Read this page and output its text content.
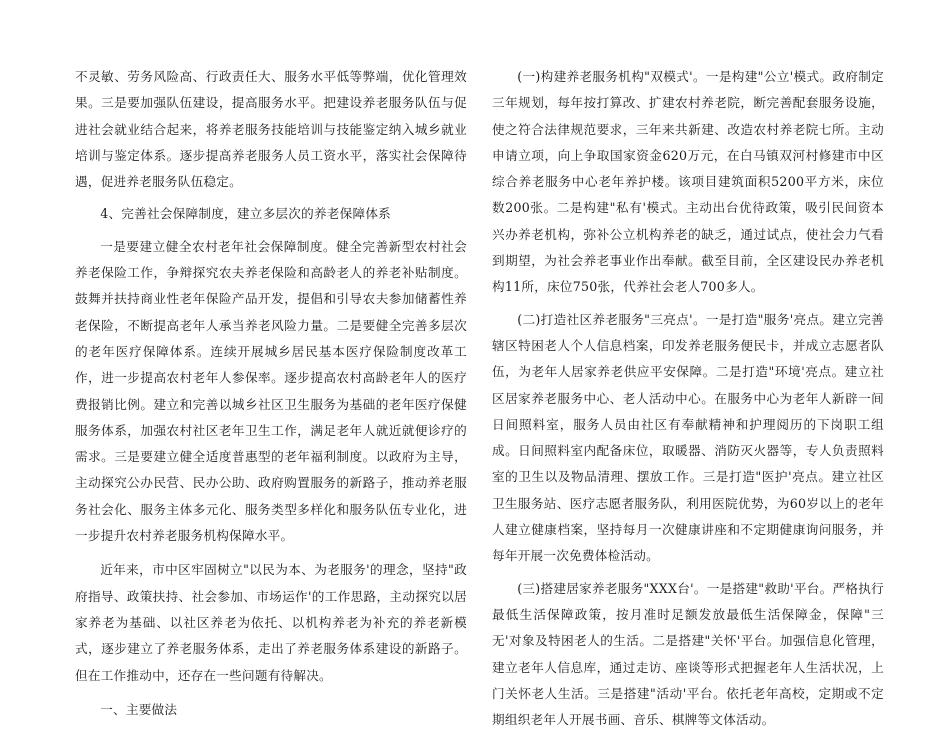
不灵敏、劳务风险高、行政责任大、服务水平低等弊端，优化管理效果。三是要加强队伍建设，提高服务水平。把建设养老服务队伍与促进社会就业结合起来，将养老服务技能培训与技能鉴定纳入城乡就业培训与鉴定体系。逐步提高养老服务人员工资水平，落实社会保障待遇，促进养老服务队伍稳定。

4、完善社会保障制度，建立多层次的养老保障体系

一是要建立健全农村老年社会保障制度。健全完善新型农村社会养老保险工作，争辩探究农夫养老保险和高龄老人的养老补贴制度。鼓舞并扶持商业性老年保险产品开发，提倡和引导农夫参加储蓄性养老保险，不断提高老年人承当养老风险力量。二是要健全完善多层次的老年医疗保障体系。连续开展城乡居民基本医疗保险制度改革工作，进一步提高农村老年人参保率。逐步提高农村高龄老年人的医疗费报销比例。建立和完善以城乡社区卫生服务为基础的老年医疗保健服务体系，加强农村社区老年卫生工作，满足老年人就近就便诊疗的需求。三是要建立健全适度普惠型的老年福利制度。以政府为主导，主动探究公办民营、民办公助、政府购置服务的新路子，推动养老服务社会化、服务主体多元化、服务类型多样化和服务队伍专业化，进一步提升农村养老服务机构保障水平。

近年来，市中区牢固树立"以民为本、为老服务'的理念，坚持"政府指导、政策扶持、社会参加、市场运作'的工作思路，主动探究以居家养老为基础、以社区养老为依托、以机构养老为补充的养老新模式，逐步建立了养老服务体系，走出了养老服务体系建设的新路子。但在工作推动中，还存在一些问题有待解决。

一、主要做法

(一)构建养老服务机构"双模式'。一是构建"公立'模式。政府制定三年规划，每年按打算改、扩建农村养老院，断完善配套服务设施，使之符合法律规范要求，三年来共新建、改造农村养老院七所。主动申请立项，向上争取国家资金620万元，在白马镇双河村修建市中区综合养老服务中心老年养护楼。该项目建筑面积5200平方米，床位数200张。二是构建"私有'模式。主动出台优待政策，吸引民间资本兴办养老机构，弥补公立机构养老的缺乏，通过试点，使社会力气看到期望，为社会养老事业作出奉献。截至目前，全区建设民办养老机构11所，床位750张，代养社会老人700多人。

(二)打造社区养老服务"三亮点'。一是打造"服务'亮点。建立完善辖区特困老人个人信息档案，印发养老服务便民卡，并成立志愿者队伍，为老年人居家养老供应平安保障。二是打造"环境'亮点。建立社区居家养老服务中心、老人活动中心。在服务中心为老年人新辟一间日间照料室，服务人员由社区有奉献精神和护理阅历的下岗职工组成。日间照料室内配备床位，取暖器、消防灭火器等，专人负责照料室的卫生以及物品清理、摆放工作。三是打造"医护'亮点。建立社区卫生服务站、医疗志愿者服务队，利用医院优势，为60岁以上的老年人建立健康档案，坚持每月一次健康讲座和不定期健康询问服务，并每年开展一次免费体检活动。

(三)搭建居家养老服务"XXX台'。一是搭建"救助'平台。严格执行最低生活保障政策，按月准时足额发放最低生活保障金，保障"三无'对象及特困老人的生活。二是搭建"关怀'平台。加强信息化管理，建立老年人信息库，通过走访、座谈等形式把握老年人生活状况，上门关怀老人生活。三是搭建"活动'平台。依托老年高校，定期或不定期组织老年人开展书画、音乐、棋牌等文体活动。
